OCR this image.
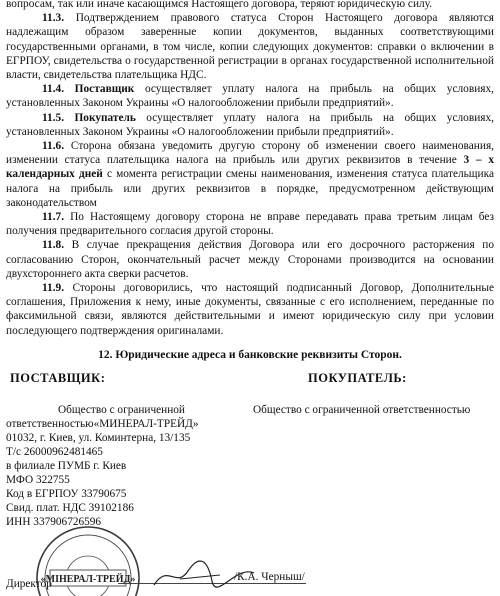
вопросам, так или иначе касающимся Настоящего договора, теряют юридическую силу.

11.3. Подтверждением правового статуса Сторон Настоящего договора являются надлежащим образом заверенные копии документов, выданных соответствующими государственными органами, в том числе, копии следующих документов: справки о включении в ЕГРПОУ, свидетельства о государственной регистрации в органах государственной исполнительной власти, свидетельства плательщика НДС.

11.4. Поставщик осуществляет уплату налога на прибыль на общих условиях, установленных Законом Украины «О налогообложении прибыли предприятий».

11.5. Покупатель осуществляет уплату налога на прибыль на общих условиях, установленных Законом Украины «О налогообложении прибыли предприятий».

11.6. Сторона обязана уведомить другую сторону об изменении своего наименования, изменении статуса плательщика налога на прибыль или других реквизитов в течение 3 – х календарных дней с момента регистрации смены наименования, изменения статуса плательщика налога на прибыль или других реквизитов в порядке, предусмотренном действующим законодательством

11.7. По Настоящему договору сторона не вправе передавать права третьим лицам без получения предварительного согласия другой стороны.

11.8. В случае прекращения действия Договора или его досрочного расторжения по согласованию Сторон, окончательный расчет между Сторонами производится на основании двухстороннего акта сверки расчетов.

11.9. Стороны договорились, что настоящий подписанный Договор, Дополнительные соглашения, Приложения к нему, иные документы, связанные с его исполнением, переданные по факсимильной связи, являются действительными и имеют юридическую силу при условии последующего подтверждения оригиналами.

12. Юридические адреса и банковские реквизиты Сторон.
ПОСТАВЩИК:	ПОКУПАТЕЛЬ:
Общество с ограниченной
ответственностью«МИНЕРАЛ-ТРЕЙД»
Общество с ограниченной ответственностью
01032, г. Киев, ул. Коминтерна, 13/135
Т/с 26000962481465
в филиале ПУМБ г. Киев
МФО 322755
Код в ЕГРПОУ 33790675
Свид. плат. НДС 39102186
ИНН 337906726596
«МІНЕРАЛ-ТРЕЙД»
Директор
/К.А. Черныш/
